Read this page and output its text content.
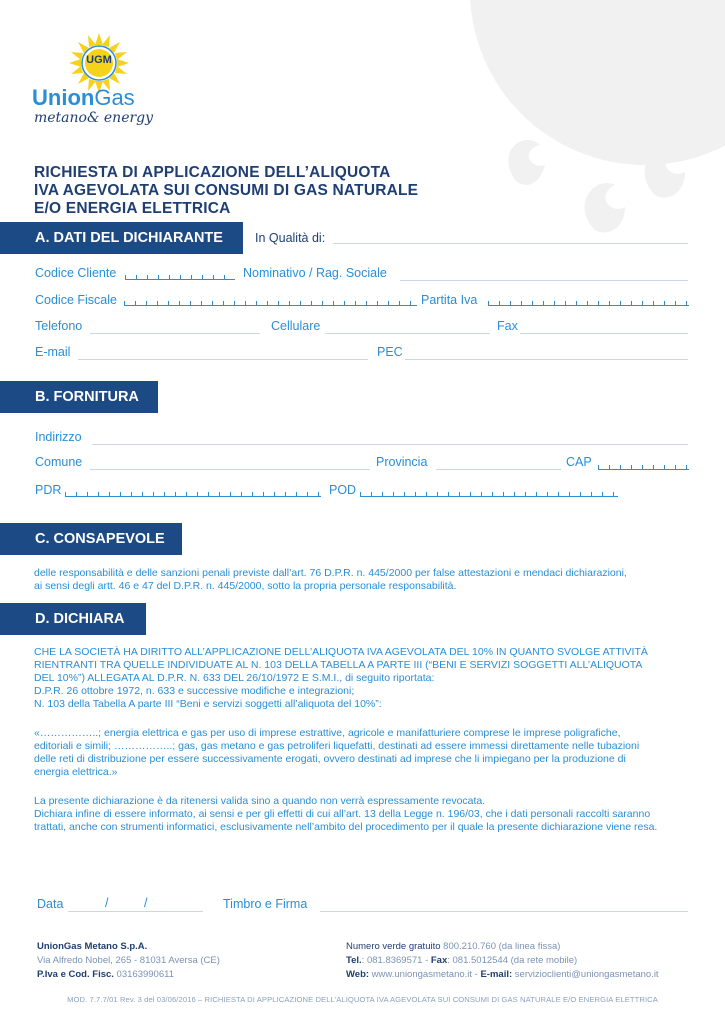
UGM
UnionGas
metano& energy
RICHIESTA DI APPLICAZIONE DELL’ALIQUOTA
IVA AGEVOLATA SUI CONSUMI DI GAS NATURALE
E/O ENERGIA ELETTRICA
A. DATI DEL DICHIARANTE	In Qualità di:
Codice Cliente	Nominativo / Rag. Sociale
Codice Fiscale	Partita Iva
Telefono	Cellulare	Fax
E-mail	PEC
B. FORNITURA
Indirizzo
Comune	Provincia	CAP
PDR	POD
C. CONSAPEVOLE
delle responsabilità e delle sanzioni penali previste dall’art. 76 D.P.R. n. 445/2000 per false attestazioni e mendaci dichiarazioni,
ai sensi degli artt. 46 e 47 del D.P.R. n. 445/2000, sotto la propria personale responsabilità.
D. DICHIARA
CHE LA SOCIETÀ HA DIRITTO ALL’APPLICAZIONE DELL’ALIQUOTA IVA AGEVOLATA DEL 10% IN QUANTO SVOLGE ATTIVITÀ
RIENTRANTI TRA QUELLE INDIVIDUATE AL N. 103 DELLA TABELLA A PARTE III (“BENI E SERVIZI SOGGETTI ALL’ALIQUOTA
DEL 10%”) ALLEGATA AL D.P.R. N. 633 DEL 26/10/1972 E S.M.I., di seguito riportata:
D.P.R. 26 ottobre 1972, n. 633 e successive modifiche e integrazioni;
N. 103 della Tabella A parte III “Beni e servizi soggetti all’aliquota del 10%”:
«……………..; energia elettrica e gas per uso di imprese estrattive, agricole e manifatturiere comprese le imprese poligrafiche,
editoriali e simili; ……………..; gas, gas metano e gas petroliferi liquefatti, destinati ad essere immessi direttamente nelle tubazioni
delle reti di distribuzione per essere successivamente erogati, ovvero destinati ad imprese che li impiegano per la produzione di
energia elettrica.»
La presente dichiarazione è da ritenersi valida sino a quando non verrà espressamente revocata.
Dichiara infine di essere informato, ai sensi e per gli effetti di cui all’art. 13 della Legge n. 196/03, che i dati personali raccolti saranno
trattati, anche con strumenti informatici, esclusivamente nell’ambito del procedimento per il quale la presente dichiarazione viene resa.
Data	/	/	Timbro e Firma
UnionGas Metano S.p.A.
Via Alfredo Nobel, 265 - 81031 Aversa (CE)
P.Iva e Cod. Fisc. 03163990611
Numero verde gratuito 800.210.760 (da linea fissa)
Tel.: 081.8369571 - Fax: 081.5012544 (da rete mobile)
Web: www.uniongasmetano.it - E-mail: servizioclienti@uniongasmetano.it
MOD. 7.7.7/01 Rev. 3 del 03/06/2016 – RICHIESTA DI APPLICAZIONE DELL’ALIQUOTA IVA AGEVOLATA SUI CONSUMI DI GAS NATURALE E/O ENERGIA ELETTRICA
